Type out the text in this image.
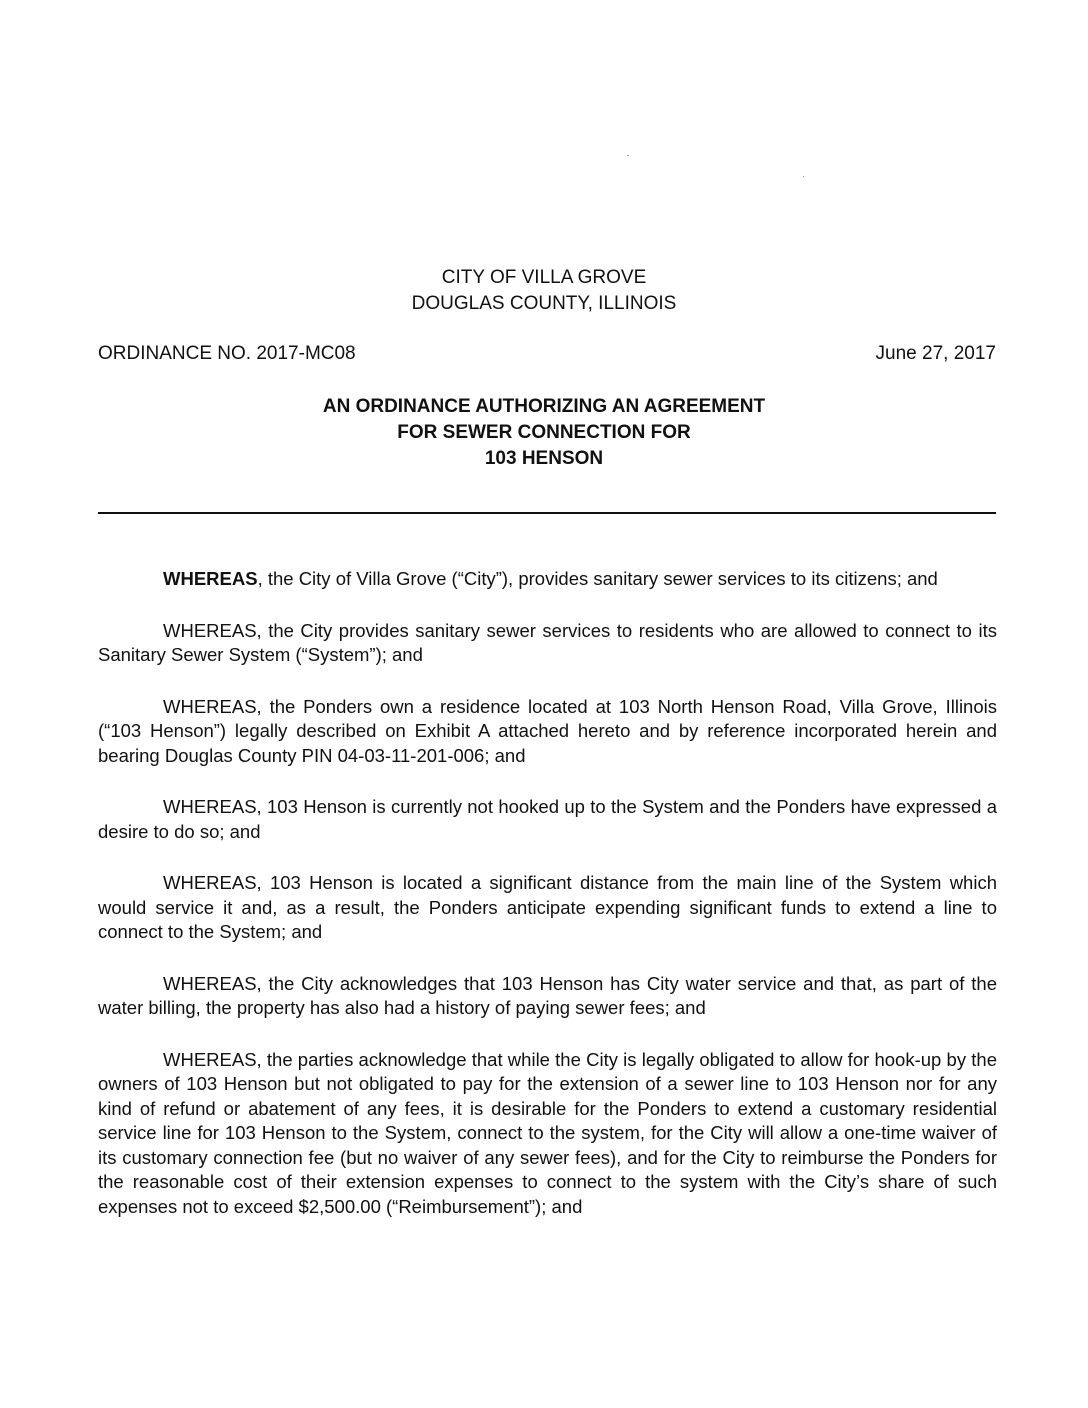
CITY OF VILLA GROVE
DOUGLAS COUNTY, ILLINOIS
ORDINANCE NO. 2017-MC08	June 27, 2017
AN ORDINANCE AUTHORIZING AN AGREEMENT
FOR SEWER CONNECTION FOR
103 HENSON

WHEREAS, the City of Villa Grove (“City”), provides sanitary sewer services to its citizens; and

WHEREAS, the City provides sanitary sewer services to residents who are allowed to connect to its Sanitary Sewer System (“System”); and

WHEREAS, the Ponders own a residence located at 103 North Henson Road, Villa Grove, Illinois (“103 Henson”) legally described on Exhibit A attached hereto and by reference incorporated herein and bearing Douglas County PIN 04-03-11-201-006; and

WHEREAS, 103 Henson is currently not hooked up to the System and the Ponders have expressed a desire to do so; and

WHEREAS, 103 Henson is located a significant distance from the main line of the System which would service it and, as a result, the Ponders anticipate expending significant funds to extend a line to connect to the System; and

WHEREAS, the City acknowledges that 103 Henson has City water service and that, as part of the water billing, the property has also had a history of paying sewer fees; and

WHEREAS, the parties acknowledge that while the City is legally obligated to allow for hook-up by the owners of 103 Henson but not obligated to pay for the extension of a sewer line to 103 Henson nor for any kind of refund or abatement of any fees, it is desirable for the Ponders to extend a customary residential service line for 103 Henson to the System, connect to the system, for the City will allow a one-time waiver of its customary connection fee (but no waiver of any sewer fees), and for the City to reimburse the Ponders for the reasonable cost of their extension expenses to connect to the system with the City’s share of such expenses not to exceed $2,500.00 (“Reimbursement”); and
